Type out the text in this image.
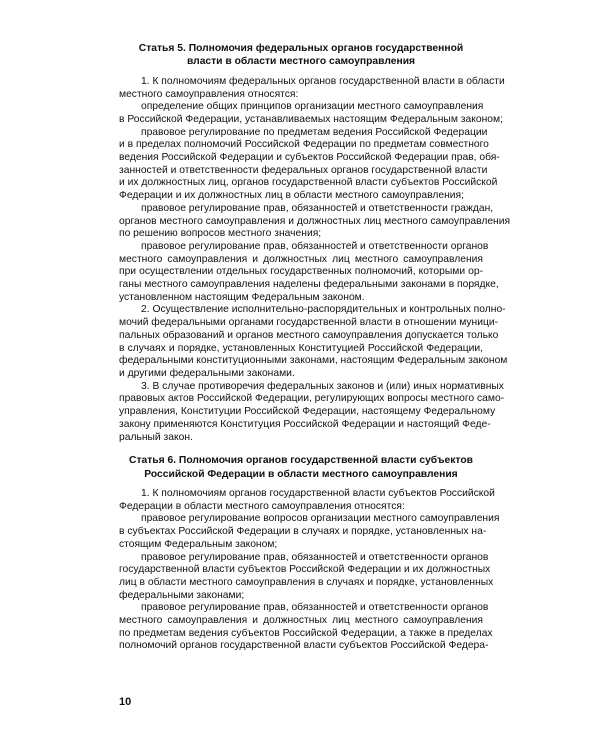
Статья 5. Полномочия федеральных органов государственной
власти в области местного самоуправления

1. К полномочиям федеральных органов государственной власти в области
местного самоуправления относятся:

определение общих принципов организации местного самоуправления
в Российской Федерации, устанавливаемых настоящим Федеральным законом;

правовое регулирование по предметам ведения Российской Федерации
и в пределах полномочий Российской Федерации по предметам совместного
ведения Российской Федерации и субъектов Российской Федерации прав, обя-
занностей и ответственности федеральных органов государственной власти
и их должностных лиц, органов государственной власти субъектов Российской
Федерации и их должностных лиц в области местного самоуправления;

правовое регулирование прав, обязанностей и ответственности граждан,
органов местного самоуправления и должностных лиц местного самоуправления
по решению вопросов местного значения;

правовое регулирование прав, обязанностей и ответственности органов
местного самоуправления и должностных лиц местного самоуправления
при осуществлении отдельных государственных полномочий, которыми ор-
ганы местного самоуправления наделены федеральными законами в порядке,
установленном настоящим Федеральным законом.

2. Осуществление исполнительно-распорядительных и контрольных полно-
мочий федеральными органами государственной власти в отношении муници-
пальных образований и органов местного самоуправления допускается только
в случаях и порядке, установленных Конституцией Российской Федерации,
федеральными конституционными законами, настоящим Федеральным законом
и другими федеральными законами.

3. В случае противоречия федеральных законов и (или) иных нормативных
правовых актов Российской Федерации, регулирующих вопросы местного само-
управления, Конституции Российской Федерации, настоящему Федеральному
закону применяются Конституция Российской Федерации и настоящий Феде-
ральный закон.

Статья 6. Полномочия органов государственной власти субъектов
Российской Федерации в области местного самоуправления

1. К полномочиям органов государственной власти субъектов Российской
Федерации в области местного самоуправления относятся:

правовое регулирование вопросов организации местного самоуправления
в субъектах Российской Федерации в случаях и порядке, установленных на-
стоящим Федеральным законом;

правовое регулирование прав, обязанностей и ответственности органов
государственной власти субъектов Российской Федерации и их должностных
лиц в области местного самоуправления в случаях и порядке, установленных
федеральными законами;

правовое регулирование прав, обязанностей и ответственности органов
местного самоуправления и должностных лиц местного самоуправления
по предметам ведения субъектов Российской Федерации, а также в пределах
полномочий органов государственной власти субъектов Российской Федера-

10
